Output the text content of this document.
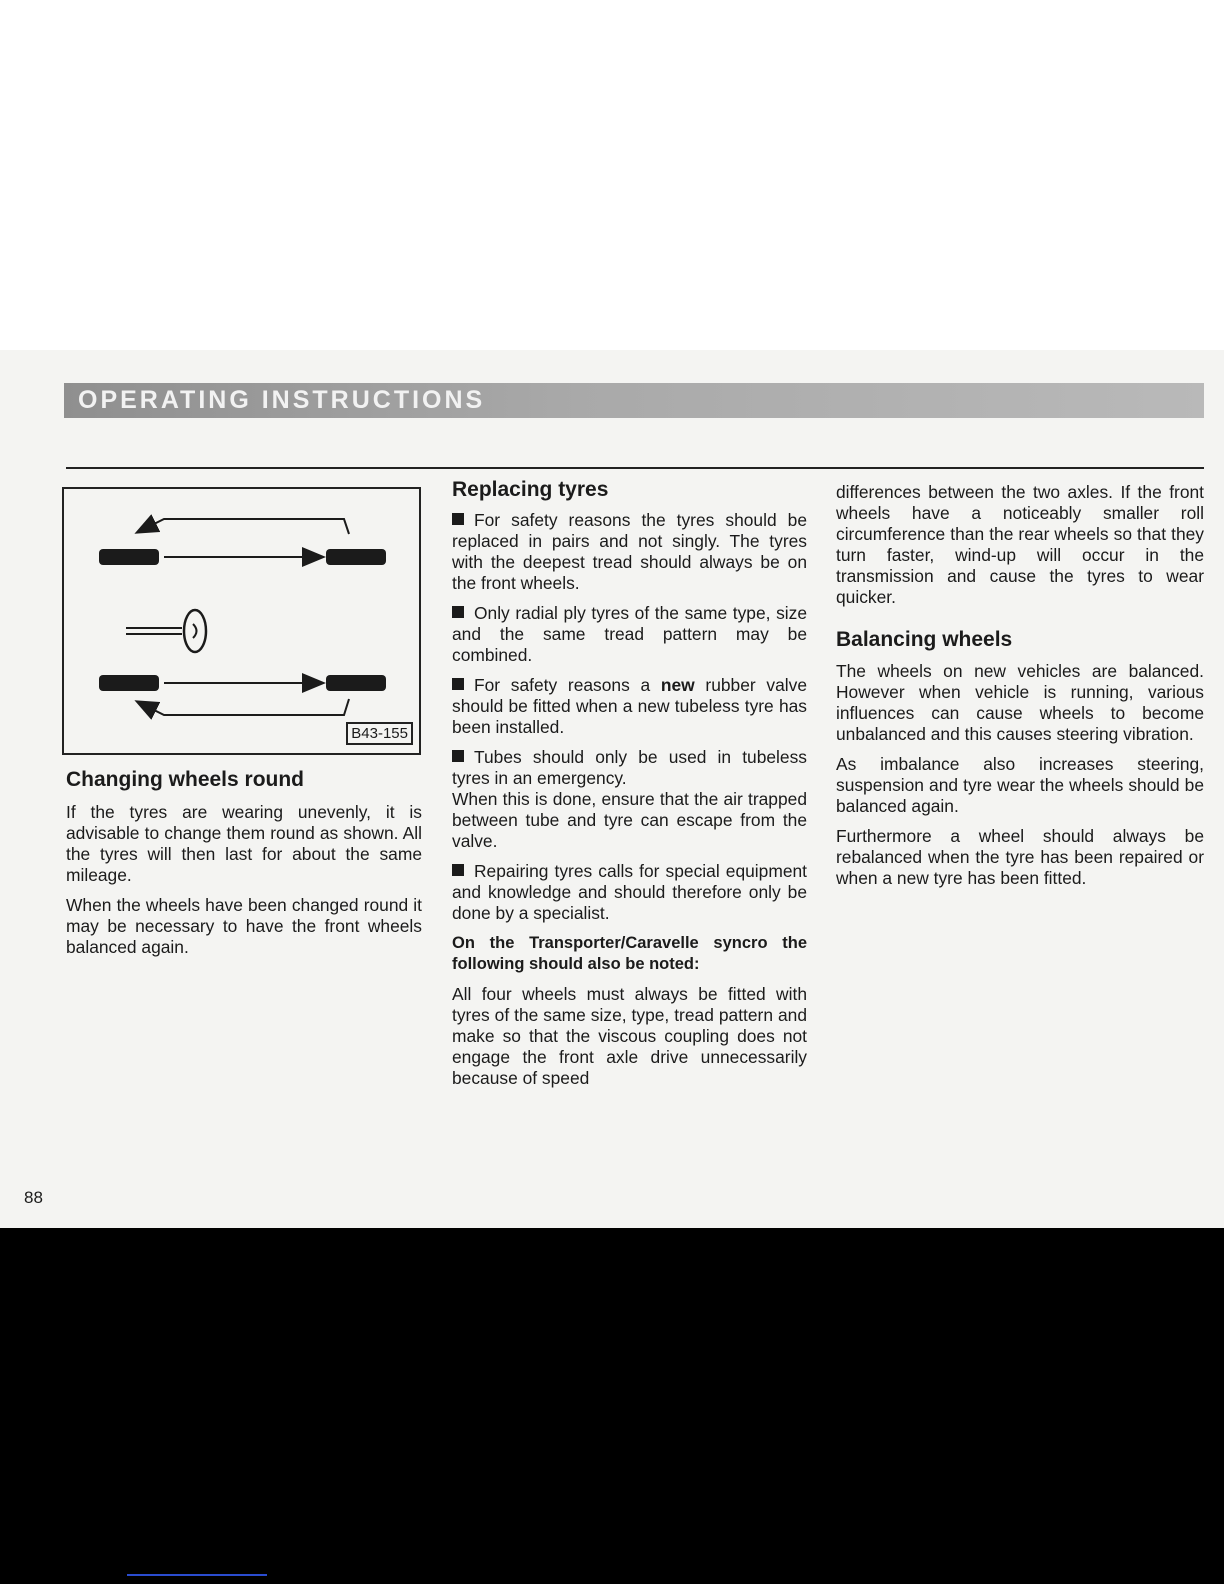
OPERATING INSTRUCTIONS
B43-155
Changing wheels round

If the tyres are wearing unevenly, it is advisable to change them round as shown. All the tyres will then last for about the same mileage.

When the wheels have been changed round it may be necessary to have the front wheels balanced again.

Replacing tyres

For safety reasons the tyres should be replaced in pairs and not singly. The tyres with the deepest tread should always be on the front wheels.

Only radial ply tyres of the same type, size and the same tread pattern may be combined.

For safety reasons a new rubber valve should be fitted when a new tubeless tyre has been installed.

Tubes should only be used in tubeless tyres in an emergency.

When this is done, ensure that the air trapped between tube and tyre can escape from the valve.

Repairing tyres calls for special equipment and knowledge and should therefore only be done by a specialist.

On the Transporter/Caravelle syncro the following should also be noted:

All four wheels must always be fitted with tyres of the same size, type, tread pattern and make so that the viscous coupling does not engage the front axle drive unnecessarily because of speed

differences between the two axles. If the front wheels have a noticeably smaller roll circumference than the rear wheels so that they turn faster, wind-up will occur in the transmission and cause the tyres to wear quicker.

Balancing wheels

The wheels on new vehicles are balanced. However when vehicle is running, various influences can cause wheels to become unbalanced and this causes steering vibration.

As imbalance also increases steering, suspension and tyre wear the wheels should be balanced again.

Furthermore a wheel should always be rebalanced when the tyre has been repaired or when a new tyre has been fitted.

88
